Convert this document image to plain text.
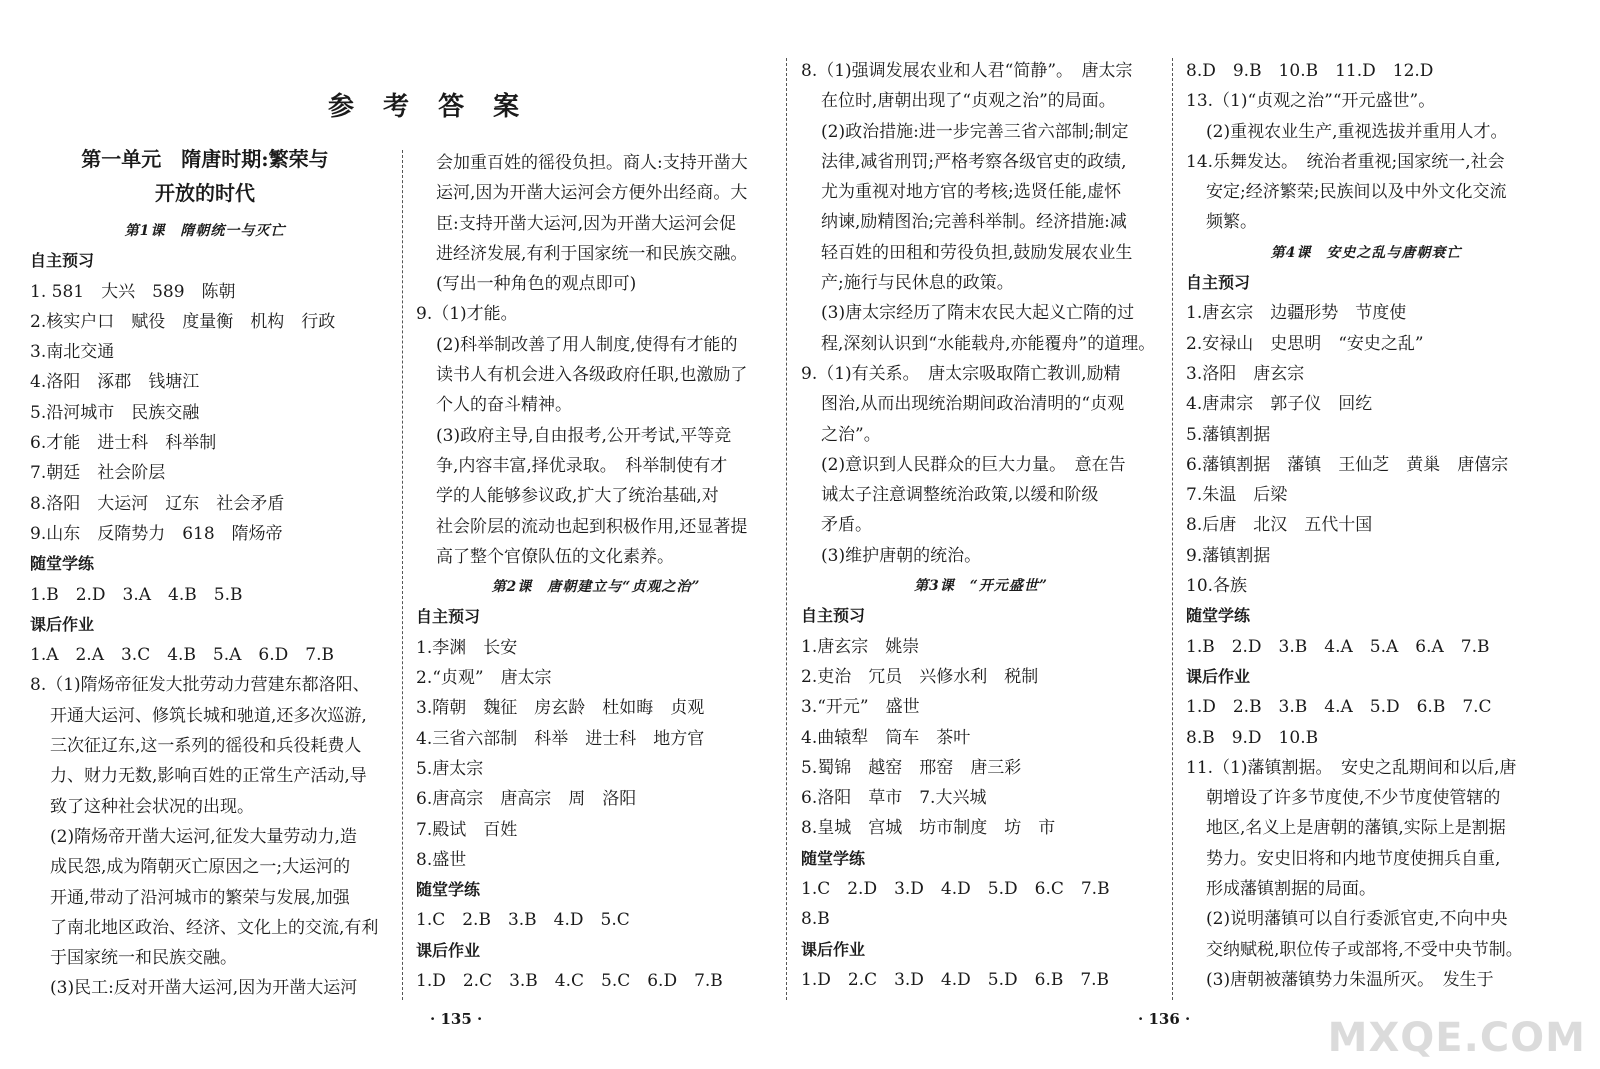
参 考 答 案
第一单元　隋唐时期:繁荣与
开放的时代
第1课　隋朝统一与灭亡
自主预习
1. 581　大兴　589　陈朝
2.核实户口　赋役　度量衡　机构　行政
3.南北交通
4.洛阳　涿郡　钱塘江
5.沿河城市　民族交融
6.才能　进士科　科举制
7.朝廷　社会阶层
8.洛阳　大运河　辽东　社会矛盾
9.山东　反隋势力　618　隋炀帝
随堂学练
1.B　2.D　3.A　4.B　5.B
课后作业
1.A　2.A　3.C　4.B　5.A　6.D　7.B
8.（1)隋炀帝征发大批劳动力营建东都洛阳、
开通大运河、修筑长城和驰道,还多次巡游,
三次征辽东,这一系列的徭役和兵役耗费人
力、财力无数,影响百姓的正常生产活动,导
致了这种社会状况的出现。
(2)隋炀帝开凿大运河,征发大量劳动力,造
成民怨,成为隋朝灭亡原因之一;大运河的
开通,带动了沿河城市的繁荣与发展,加强
了南北地区政治、经济、文化上的交流,有利
于国家统一和民族交融。
(3)民工:反对开凿大运河,因为开凿大运河
会加重百姓的徭役负担。商人:支持开凿大
运河,因为开凿大运河会方便外出经商。大
臣:支持开凿大运河,因为开凿大运河会促
进经济发展,有利于国家统一和民族交融。
(写出一种角色的观点即可)
9.（1)才能。
(2)科举制改善了用人制度,使得有才能的
读书人有机会进入各级政府任职,也激励了
个人的奋斗精神。
(3)政府主导,自由报考,公开考试,平等竞
争,内容丰富,择优录取。　科举制使有才
学的人能够参议政,扩大了统治基础,对
社会阶层的流动也起到积极作用,还显著提
高了整个官僚队伍的文化素养。
第2课　唐朝建立与“贞观之治”
自主预习
1.李渊　长安
2.“贞观”　唐太宗
3.隋朝　魏征　房玄龄　杜如晦　贞观
4.三省六部制　科举　进士科　地方官
5.唐太宗
6.唐高宗　唐高宗　周　洛阳
7.殿试　百姓
8.盛世
随堂学练
1.C　2.B　3.B　4.D　5.C
课后作业
1.D　2.C　3.B　4.C　5.C　6.D　7.B
8.（1)强调发展农业和人君“简静”。　唐太宗
在位时,唐朝出现了“贞观之治”的局面。
(2)政治措施:进一步完善三省六部制;制定
法律,减省刑罚;严格考察各级官吏的政绩,
尤为重视对地方官的考核;选贤任能,虚怀
纳谏,励精图治;完善科举制。经济措施:减
轻百姓的田租和劳役负担,鼓励发展农业生
产;施行与民休息的政策。
(3)唐太宗经历了隋末农民大起义亡隋的过
程,深刻认识到“水能载舟,亦能覆舟”的道理。
9.（1)有关系。　唐太宗吸取隋亡教训,励精
图治,从而出现统治期间政治清明的“贞观
之治”。
(2)意识到人民群众的巨大力量。　意在告
诫太子注意调整统治政策,以缓和阶级
矛盾。
(3)维护唐朝的统治。
第3课　“开元盛世”
自主预习
1.唐玄宗　姚崇
2.吏治　冗员　兴修水利　税制
3.“开元”　盛世
4.曲辕犁　筒车　茶叶
5.蜀锦　越窑　邢窑　唐三彩
6.洛阳　草市　7.大兴城
8.皇城　宫城　坊市制度　坊　市
随堂学练
1.C　2.D　3.D　4.D　5.D　6.C　7.B
8.B
课后作业
1.D　2.C　3.D　4.D　5.D　6.B　7.B
8.D　9.B　10.B　11.D　12.D
13.（1)“贞观之治”“开元盛世”。
(2)重视农业生产,重视选拔并重用人才。
14.乐舞发达。　统治者重视;国家统一,社会
安定;经济繁荣;民族间以及中外文化交流
频繁。
第4课　安史之乱与唐朝衰亡
自主预习
1.唐玄宗　边疆形势　节度使
2.安禄山　史思明　“安史之乱”
3.洛阳　唐玄宗
4.唐肃宗　郭子仪　回纥
5.藩镇割据
6.藩镇割据　藩镇　王仙芝　黄巢　唐僖宗
7.朱温　后梁
8.后唐　北汉　五代十国
9.藩镇割据
10.各族
随堂学练
1.B　2.D　3.B　4.A　5.A　6.A　7.B
课后作业
1.D　2.B　3.B　4.A　5.D　6.B　7.C
8.B　9.D　10.B
11.（1)藩镇割据。　安史之乱期间和以后,唐
朝增设了许多节度使,不少节度使管辖的
地区,名义上是唐朝的藩镇,实际上是割据
势力。安史旧将和内地节度使拥兵自重,
形成藩镇割据的局面。
(2)说明藩镇可以自行委派官吏,不向中央
交纳赋税,职位传子或部将,不受中央节制。
(3)唐朝被藩镇势力朱温所灭。　发生于
· 135 ·	· 136 ·	MXQE.COM
